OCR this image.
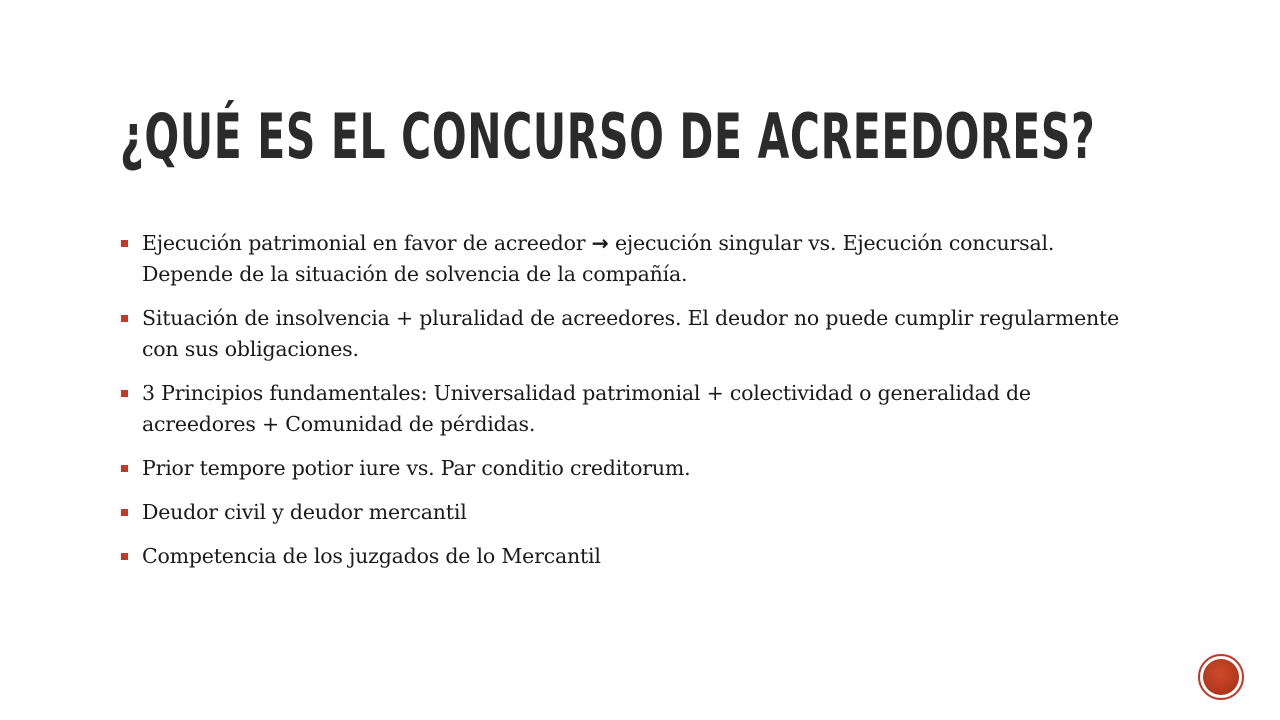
¿QUÉ ES EL CONCURSO DE ACREEDORES?
Ejecución patrimonial en favor de acreedor → ejecución singular vs. Ejecución concursal. Depende de la situación de solvencia de la compañía.
Situación de insolvencia + pluralidad de acreedores. El deudor no puede cumplir regularmente con sus obligaciones.
3 Principios fundamentales: Universalidad patrimonial + colectividad o generalidad de acreedores + Comunidad de pérdidas.
Prior tempore potior iure vs. Par conditio creditorum.
Deudor civil y deudor mercantil
Competencia de los juzgados de lo Mercantil
